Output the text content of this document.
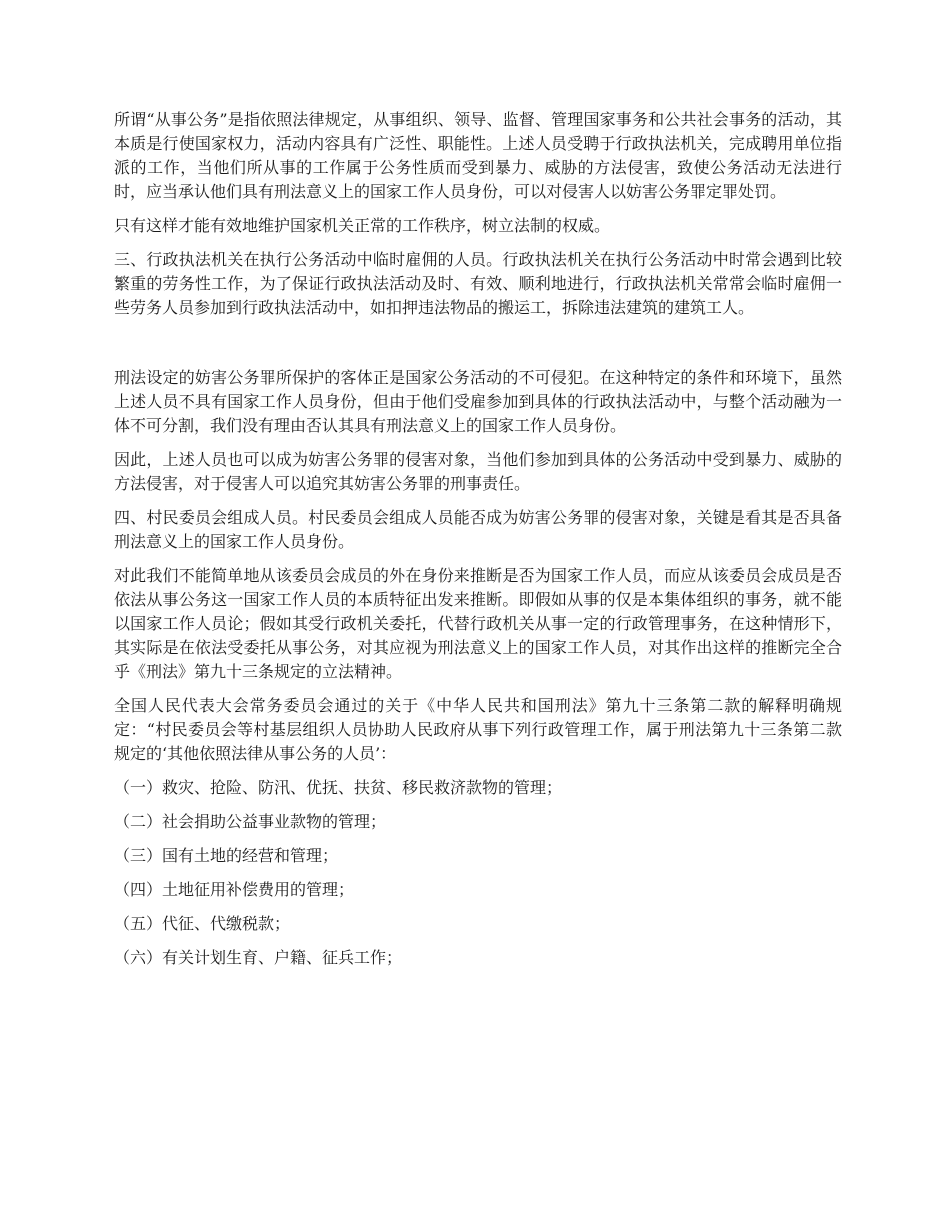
所谓“从事公务”是指依照法律规定，从事组织、领导、监督、管理国家事务和公共社会事务的活动，其本质是行使国家权力，活动内容具有广泛性、职能性。上述人员受聘于行政执法机关，完成聘用单位指派的工作，当他们所从事的工作属于公务性质而受到暴力、威胁的方法侵害，致使公务活动无法进行时，应当承认他们具有刑法意义上的国家工作人员身份，可以对侵害人以妨害公务罪定罪处罚。

只有这样才能有效地维护国家机关正常的工作秩序，树立法制的权威。

三、行政执法机关在执行公务活动中临时雇佣的人员。行政执法机关在执行公务活动中时常会遇到比较繁重的劳务性工作，为了保证行政执法活动及时、有效、顺利地进行，行政执法机关常常会临时雇佣一些劳务人员参加到行政执法活动中，如扣押违法物品的搬运工，拆除违法建筑的建筑工人。

刑法设定的妨害公务罪所保护的客体正是国家公务活动的不可侵犯。在这种特定的条件和环境下，虽然上述人员不具有国家工作人员身份，但由于他们受雇参加到具体的行政执法活动中，与整个活动融为一体不可分割，我们没有理由否认其具有刑法意义上的国家工作人员身份。

因此，上述人员也可以成为妨害公务罪的侵害对象，当他们参加到具体的公务活动中受到暴力、威胁的方法侵害，对于侵害人可以追究其妨害公务罪的刑事责任。

四、村民委员会组成人员。村民委员会组成人员能否成为妨害公务罪的侵害对象，关键是看其是否具备刑法意义上的国家工作人员身份。

对此我们不能简单地从该委员会成员的外在身份来推断是否为国家工作人员，而应从该委员会成员是否依法从事公务这一国家工作人员的本质特征出发来推断。即假如从事的仅是本集体组织的事务，就不能以国家工作人员论；假如其受行政机关委托，代替行政机关从事一定的行政管理事务，在这种情形下，其实际是在依法受委托从事公务，对其应视为刑法意义上的国家工作人员，对其作出这样的推断完全合乎《刑法》第九十三条规定的立法精神。

全国人民代表大会常务委员会通过的关于《中华人民共和国刑法》第九十三条第二款的解释明确规定：“村民委员会等村基层组织人员协助人民政府从事下列行政管理工作，属于刑法第九十三条第二款规定的‘其他依照法律从事公务的人员’：

（一）救灾、抢险、防汛、优抚、扶贫、移民救济款物的管理；
（二）社会捐助公益事业款物的管理；
（三）国有土地的经营和管理；
（四）土地征用补偿费用的管理；
（五）代征、代缴税款；
（六）有关计划生育、户籍、征兵工作；
